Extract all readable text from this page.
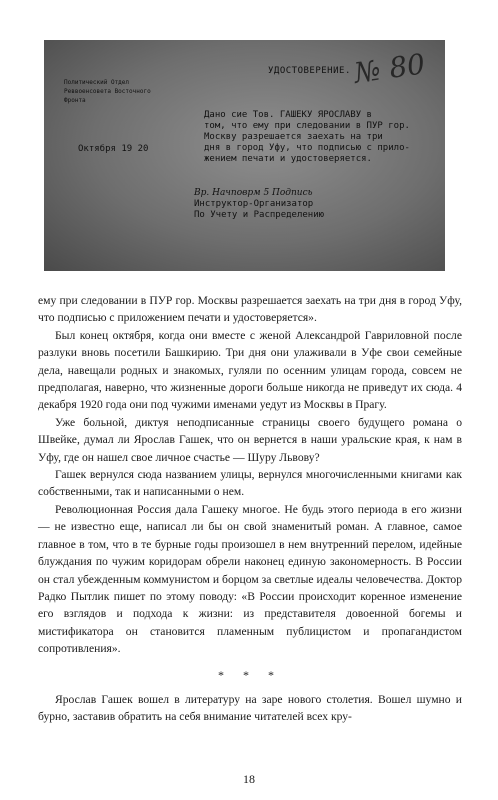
УДОСТОВЕРЕНИЕ. № 80
Политический Отдел
Реввоенсовета Восточного Фронта
Октября 19 20
Дано сие Тов. ГАШЕКУ ЯРОСЛАВУ в
том, что ему при следовании в ПУР гор.
Москву разрешается заехать на три
дня в город Уфу, что подписью с прило-
жением печати и удостоверяется.
Вр. Начповрм 5 Подпись
Инструктор-Организатор
По Учету и Распределению

ему при следовании в ПУР гор. Москвы разрешается заехать на три дня в город Уфу, что подписью с приложением печати и удостоверяется».

Был конец октября, когда они вместе с женой Александрой Гавриловной после разлуки вновь посетили Башкирию. Три дня они улаживали в Уфе свои семейные дела, навещали родных и знакомых, гуляли по осенним улицам города, совсем не предполагая, наверно, что жизненные дороги больше никогда не приведут их сюда. 4 декабря 1920 года они под чужими именами уедут из Москвы в Прагу.

Уже больной, диктуя неподписанные страницы своего будущего романа о Швейке, думал ли Ярослав Гашек, что он вернется в наши уральские края, к нам в Уфу, где он нашел свое личное счастье — Шуру Львову?

Гашек вернулся сюда названием улицы, вернулся многочисленными книгами как собственными, так и написанными о нем.

Революционная Россия дала Гашеку многое. Не будь этого периода в его жизни — не известно еще, написал ли бы он свой знаменитый роман. А главное, самое главное в том, что в те бурные годы произошел в нем внутренний перелом, идейные блуждания по чужим коридорам обрели наконец единую закономерность. В России он стал убежденным коммунистом и борцом за светлые идеалы человечества. Доктор Радко Пытлик пишет по этому поводу: «В России происходит коренное изменение его взглядов и подхода к жизни: из представителя довоенной богемы и мистификатора он становится пламенным публицистом и пропагандистом сопротивления».

* * *

Ярослав Гашек вошел в литературу на заре нового столетия. Вошел шумно и бурно, заставив обратить на себя внимание читателей всех кру-

18
